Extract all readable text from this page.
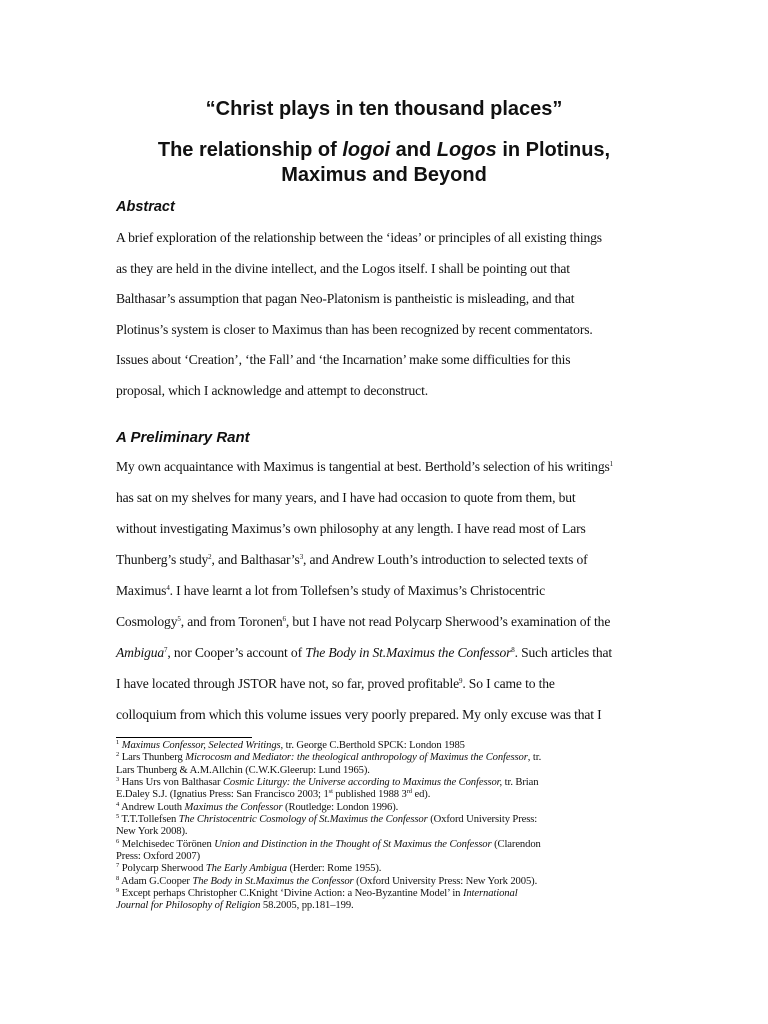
“Christ plays in ten thousand places”
The relationship of logoi and Logos in Plotinus,
Maximus and Beyond
Abstract
A brief exploration of the relationship between the ‘ideas’ or principles of all existing things
as they are held in the divine intellect, and the Logos itself. I shall be pointing out that
Balthasar’s assumption that pagan Neo-Platonism is pantheistic is misleading, and that
Plotinus’s system is closer to Maximus than has been recognized by recent commentators.
Issues about ‘Creation’, ‘the Fall’ and ‘the Incarnation’ make some difficulties for this
proposal, which I acknowledge and attempt to deconstruct.
A Preliminary Rant
My own acquaintance with Maximus is tangential at best. Berthold’s selection of his writings$^1$
has sat on my shelves for many years, and I have had occasion to quote from them, but
without investigating Maximus’s own philosophy at any length. I have read most of Lars
Thunberg’s study$^2$, and $Balthasar’s^3$, and Andrew Louth’s introduction to selected texts of
Maximus$^4$. I have learnt a lot from Tollefsen’s study of Maximus’s Christocentric
Cosmology$^5$, and from Toronen$^6$, but I have not read Polycarp Sherwood’s examination of the
Ambigua$^7$, nor Cooper’s account of The Body in St.Maximus the Confessor$^8$. Such articles that
I have located through JSTOR have not, so far, proved profitable$^9$. So I came to the
colloquium from which this volume issues very poorly prepared. My only excuse was that I

$^1$ Maximus Confessor, Selected Writings, tr. George C.Berthold SPCK: London 1985

$^2$ Lars Thunberg Microcosm and Mediator: the theological anthropology of Maximus the Confessor, tr.
Lars Thunberg & A.M.Allchin (C.W.K.Gleerup: Lund 1965).

$^3$ Hans Urs von Balthasar Cosmic Liturgy: the Universe according to Maximus the Confessor, tr. Brian
E.Daley S.J. (Ignatius Press: San Francisco 2003; 1st published 1988 3rd ed).

$^4$ Andrew Louth Maximus the Confessor (Routledge: London 1996).

$^5$ T.T.Tollefsen The Christocentric Cosmology of St.Maximus the Confessor (Oxford University Press:
New York 2008).

$^6$ Melchisedec Törönen Union and Distinction in the Thought of St Maximus the Confessor (Clarendon
Press: Oxford 2007)

$^7$ Polycarp Sherwood The Early Ambigua (Herder: Rome 1955).

$^8$ Adam G.Cooper The Body in St.Maximus the Confessor (Oxford University Press: New York 2005).

$^9$ Except perhaps Christopher C.Knight ‘Divine Action: a Neo-Byzantine Model’ in International
Journal for Philosophy of Religion 58.2005, pp.181–199.
